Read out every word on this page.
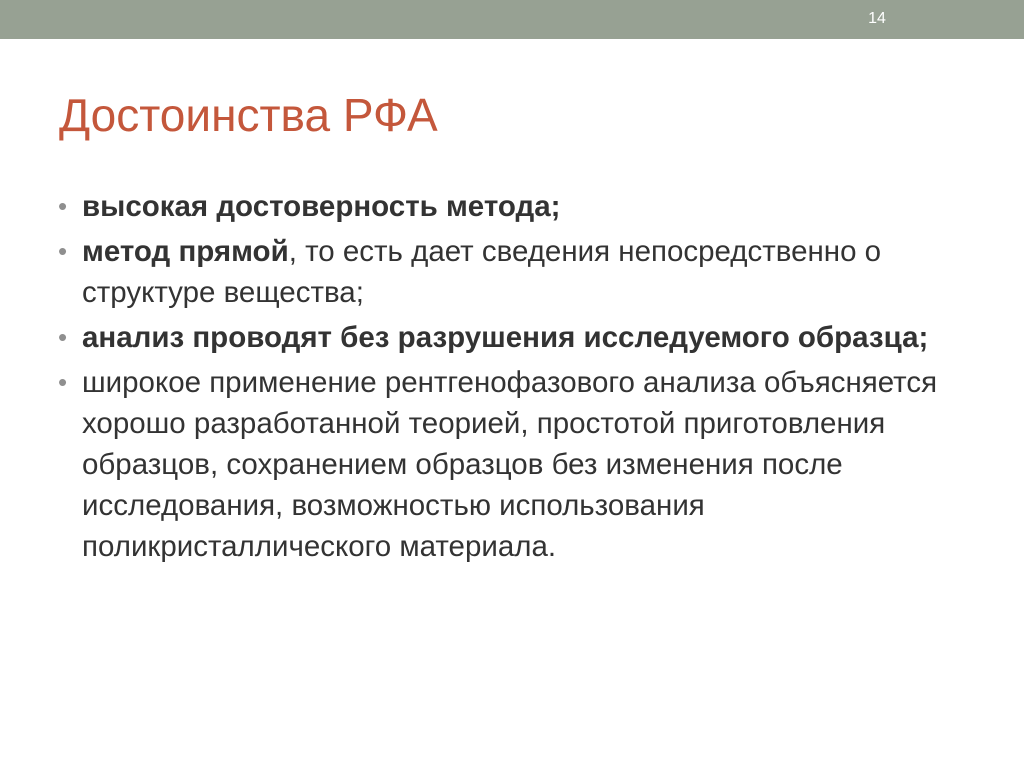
14
Достоинства РФА
• высокая достоверность метода;
• метод прямой, то есть дает сведения непосредственно о структуре вещества;
• анализ проводят без разрушения исследуемого образца;
• широкое применение рентгенофазового анализа объясняется хорошо разработанной теорией, простотой приготовления образцов, сохранением образцов без изменения после исследования, возможностью использования поликристаллического материала.
